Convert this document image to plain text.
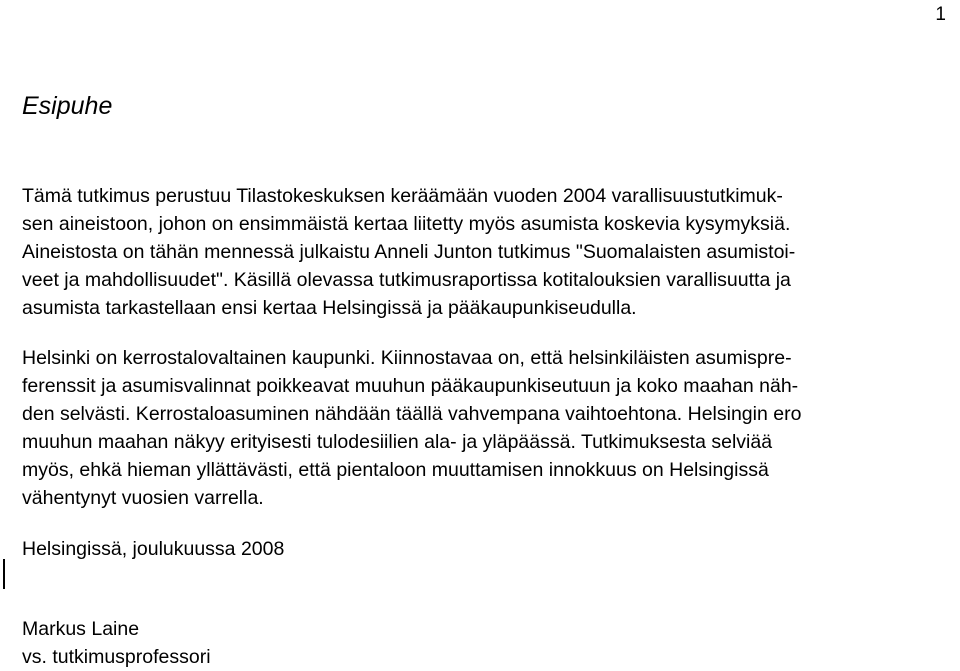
1
Esipuhe
Tämä tutkimus perustuu Tilastokeskuksen keräämään vuoden 2004 varallisuustutkimuk-
sen aineistoon, johon on ensimmäistä kertaa liitetty myös asumista koskevia kysymyksiä.
Aineistosta on tähän mennessä julkaistu Anneli Junton tutkimus "Suomalaisten asumistoi-
veet ja mahdollisuudet". Käsillä olevassa tutkimusraportissa kotitalouksien varallisuutta ja
asumista tarkastellaan ensi kertaa Helsingissä ja pääkaupunkiseudulla.
Helsinki on kerrostalovaltainen kaupunki. Kiinnostavaa on, että helsinkiläisten asumispre-
ferenssit ja asumisvalinnat poikkeavat muuhun pääkaupunkiseutuun ja koko maahan näh-
den selvästi. Kerrostaloasuminen nähdään täällä vahvempana vaihtoehtona. Helsingin ero
muuhun maahan näkyy erityisesti tulodesiilien ala- ja yläpäässä. Tutkimuksesta selviää
myös, ehkä hieman yllättävästi, että pientaloon muuttamisen innokkuus on Helsingissä
vähentynyt vuosien varrella.
Helsingissä, joulukuussa 2008
Markus Laine
vs. tutkimusprofessori
